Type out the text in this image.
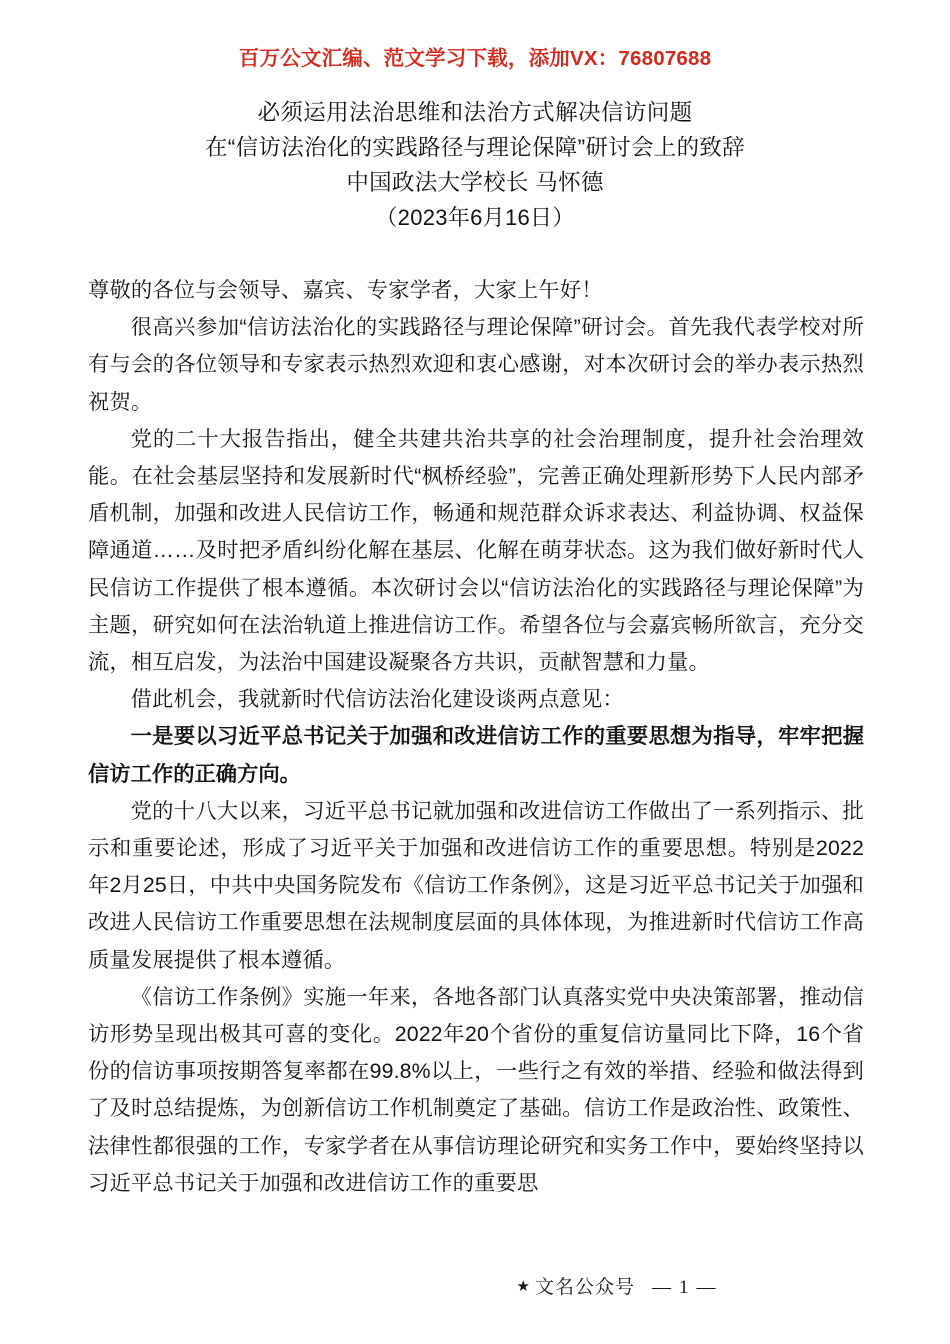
百万公文汇编、范文学习下载，添加VX：76807688
必须运用法治思维和法治方式解决信访问题
在“信访法治化的实践路径与理论保障”研讨会上的致辞
中国政法大学校长 马怀德
（2023年6月16日）

尊敬的各位与会领导、嘉宾、专家学者，大家上午好！

很高兴参加“信访法治化的实践路径与理论保障”研讨会。首先我代表学校对所有与会的各位领导和专家表示热烈欢迎和衷心感谢，对本次研讨会的举办表示热烈祝贺。

党的二十大报告指出，健全共建共治共享的社会治理制度，提升社会治理效能。在社会基层坚持和发展新时代“枫桥经验”，完善正确处理新形势下人民内部矛盾机制，加强和改进人民信访工作，畅通和规范群众诉求表达、利益协调、权益保障通道……及时把矛盾纠纷化解在基层、化解在萌芽状态。这为我们做好新时代人民信访工作提供了根本遵循。本次研讨会以“信访法治化的实践路径与理论保障”为主题，研究如何在法治轨道上推进信访工作。希望各位与会嘉宾畅所欲言，充分交流，相互启发，为法治中国建设凝聚各方共识，贡献智慧和力量。

借此机会，我就新时代信访法治化建设谈两点意见：

一是要以习近平总书记关于加强和改进信访工作的重要思想为指导，牢牢把握信访工作的正确方向。

党的十八大以来，习近平总书记就加强和改进信访工作做出了一系列指示、批示和重要论述，形成了习近平关于加强和改进信访工作的重要思想。特别是2022年2月25日，中共中央国务院发布《信访工作条例》，这是习近平总书记关于加强和改进人民信访工作重要思想在法规制度层面的具体体现，为推进新时代信访工作高质量发展提供了根本遵循。

《信访工作条例》实施一年来，各地各部门认真落实党中央决策部署，推动信访形势呈现出极其可喜的变化。2022年20个省份的重复信访量同比下降，16个省份的信访事项按期答复率都在99.8%以上，一些行之有效的举措、经验和做法得到了及时总结提炼，为创新信访工作机制奠定了基础。信访工作是政治性、政策性、法律性都很强的工作，专家学者在从事信访理论研究和实务工作中，要始终坚持以习近平总书记关于加强和改进信访工作的重要思

★ 文名公众号 — 1 —
